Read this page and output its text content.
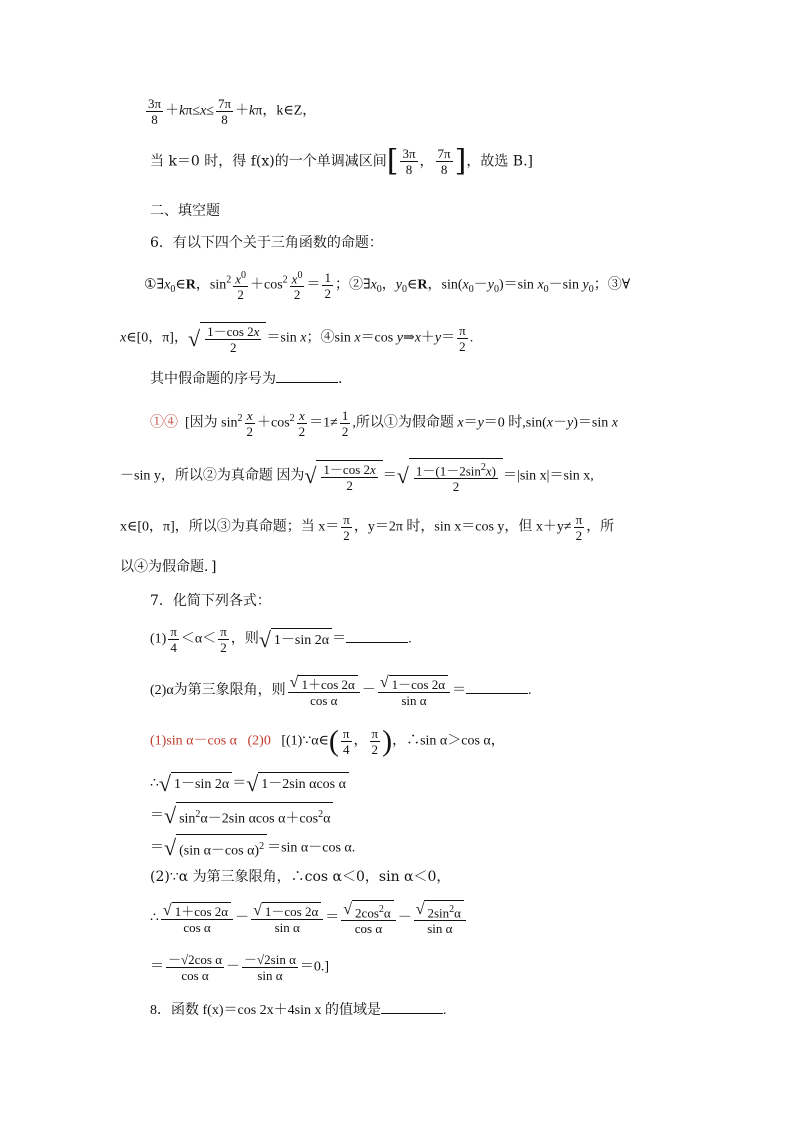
$\frac{3\pi}{8} +k\pi\le x\le \frac{7\pi}{8} +k\pi$，k∈Z，
当 k＝0 时，得 f(x)的一个单调减区间[ $\frac{3\pi}{8}$ ， $\frac{7\pi}{8}$ ]，故选 B.]
二、填空题
6．有以下四个关于三角函数的命题：
$①\exists x_0\in R$，$\sin^2 \frac{x^0}{2} +\cos^2 \frac{x^0}{2} = \frac{1}{2}$ ；$②\exists x_0$，$y_0\in R$，$\sin(x_0-y_0)=\sin$ $x_0-\sin$ $y_0$；③∀
x∈[0，π]，√ $\frac{1-\cos 2x}{2} =\sin$ x；④sin x＝cos y⇒x＋y＝ $\frac{\pi}{2}$ .
其中假命题的序号为	.
①④  [因为 $\sin^2 \frac{x}{2} +\cos^2 \frac{x}{2} =1\ne \frac{1}{2}$ ,所以①为假命题 x＝y＝0 时,sin(x－y)＝sin x
－sin y，所以②为真命题 因为√ $\frac{1-\cos 2x}{2}$ ＝√ $\frac{1-(1-2\sin^2x)}{2} =|\sin$ x|＝sin x,
x∈[0，π]，所以③为真命题；当 $x= \frac{\pi}{2}$ ，y＝2π 时，sin x＝cos y，但 $x+y\ne \frac{\pi}{2}$ ，所
以④为假命题．]
7．化简下列各式：
$(1) \frac{\pi}{4} <\alpha< \frac{\pi}{2}$ ，则√ 1－sin 2α ＝	.
(2)α为第三象限角，则 $\frac{√ 1+\cos 2\alpha}{\text{cos α}} - \frac{√ 1-\cos 2\alpha}{\text{sin α}}$ ＝	.
(1)sin α－cos α (2)0 [(1)∵α∈( $\frac{\pi}{4}$ ， $\frac{\pi}{2}$ )，∴sin α＞cos α，
∴√ 1－sin 2α ＝√ 1－2sin αcos α
＝√ $\sin^2\alpha-2\sin$ αcos $\alpha+\cos^2\alpha$
＝√ (sin α－cos α)$^2$ ＝sin α－cos α.
(2)∵α 为第三象限角，∴cos α＜0，sin α＜0，
∴ $\frac{√ 1+\cos 2\alpha}{\text{cos α}} - \frac{√ 1-\cos 2\alpha}{\text{sin α}} = \frac{√ 2\cos^2\alpha}{\text{cos α}} - \frac{√ 2\sin^2\alpha}{\text{sin α}}$
＝ $\frac{\text{－√2cos α}}{\text{cos α}} - \frac{\text{－√2sin α}}{\text{sin α}} =0$.]
8．函数 f(x)＝cos 2x＋4sin x 的值域是	.
